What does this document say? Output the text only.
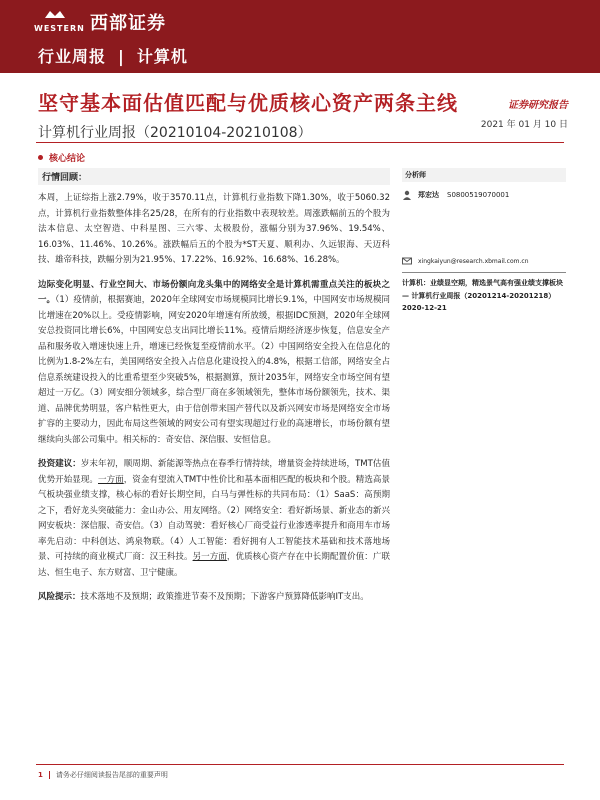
WESTERN 西部证券
行业周报 | 计算机
坚守基本面估值匹配与优质核心资产两条主线	证券研究报告
计算机行业周报（20210104-20210108）	2021 年 01 月 10 日
核心结论
行情回顾：

本周，上证综指上涨2.79%，收于3570.11点，计算机行业指数下降1.30%，收于5060.32点，计算机行业指数整体排名25/28，在所有的行业指数中表现较差。周涨跌幅前五的个股为法本信息、太空智造、中科星图、三六零、太极股份，涨幅分别为37.96%、19.54%、16.03%、11.46%、10.26%。涨跌幅后五的个股为*ST天夏、顺利办、久远银海、天迈科技、雄帝科技，跌幅分别为21.95%、17.22%、16.92%、16.68%、16.28%。

边际变化明显、行业空间大、市场份额向龙头集中的网络安全是计算机需重点关注的板块之一。（1）疫情前，根据赛迪，2020年全球网安市场规模同比增长9.1%，中国网安市场规模同比增速在20%以上。受疫情影响，网安2020年增速有所放缓，根据IDC预测，2020年全球网安总投资同比增长6%，中国网安总支出同比增长11%。疫情后期经济逐步恢复，信息安全产品和服务收入增速快速上升，增速已经恢复至疫情前水平。（2）中国网络安全投入在信息化的比例为1.8-2%左右，美国网络安全投入占信息化建设投入的4.8%，根据工信部，网络安全占信息系统建设投入的比重希望至少突破5%，根据测算，预计2035年，网络安全市场空间有望超过一万亿。（3）网安细分领域多，综合型厂商在多领域领先，整体市场份额领先，技术、渠道、品牌优势明显，客户粘性更大，由于信创带来国产替代以及新兴网安市场是网络安全市场扩容的主要动力，因此布局这些领域的网安公司有望实现超过行业的高速增长，市场份额有望继续向头部公司集中。相关标的：奇安信、深信服、安恒信息。

投资建议：岁末年初，顺周期、新能源等热点在春季行情持续，增量资金持续进场，TMT估值优势开始显现。一方面，资金有望流入TMT中性价比和基本面相匹配的板块和个股。精选高景气板块强业绩支撑，核心标的看好长期空间，白马与弹性标的共同布局：（1）SaaS：高预期之下，看好龙头突破能力：金山办公、用友网络。（2）网络安全：看好新场景、新业态的新兴网安板块：深信服、奇安信。（3）自动驾驶：看好核心厂商受益行业渗透率提升和商用车市场率先启动：中科创达、鸿泉物联。（4）人工智能：看好拥有人工智能技术基础和技术落地场景、可持续的商业模式厂商：汉王科技。另一方面，优质核心资产存在中长期配置价值：广联达、恒生电子、东方财富、卫宁健康。

风险提示：技术落地不及预期；政策推进节奏不及预期；下游客户预算降低影响IT支出。

分析师
郑宏达 S0800519070001
xingkaiyun@research.xbmail.com.cn
计算机：业绩显空期，精选景气高有强业绩支撑板块 — 计算机行业周报（20201214-20201218）　2020-12-21
1 请务必仔细阅读报告尾部的重要声明
